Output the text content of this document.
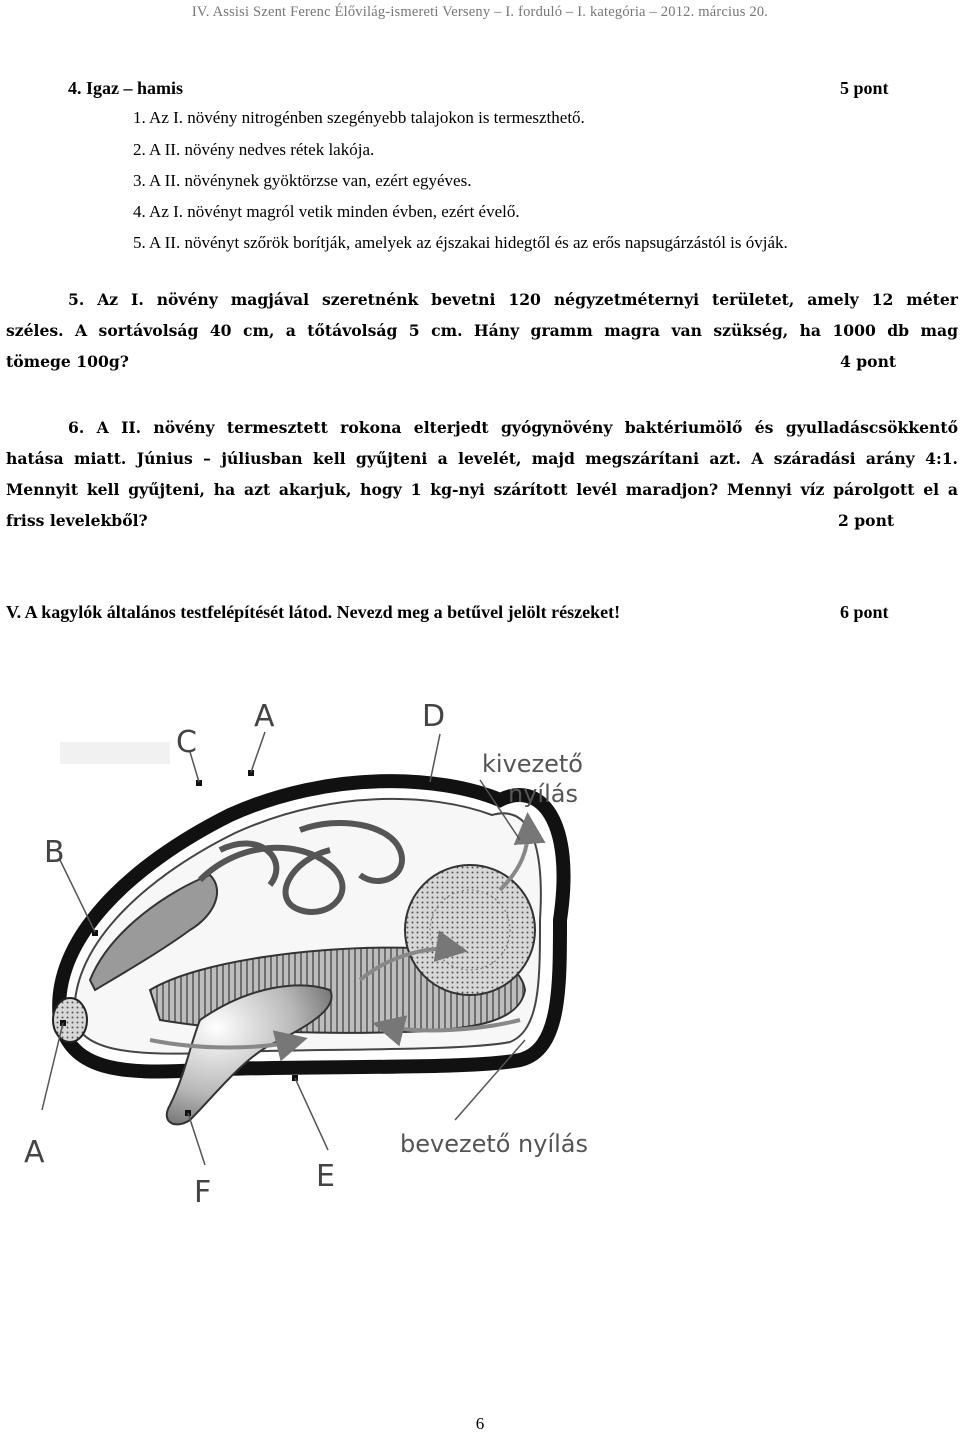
IV. Assisi Szent Ferenc Élővilág-ismereti Verseny – I. forduló – I. kategória – 2012. március 20.
4. Igaz – hamis	5 pont
1. Az I. növény nitrogénben szegényebb talajokon is termeszthető.
2. A II. növény nedves rétek lakója.
3. A II. növénynek gyöktörzse van, ezért egyéves.
4. Az I. növényt magról vetik minden évben, ezért évelő.
5. A II. növényt szőrök borítják, amelyek az éjszakai hidegtől és az erős napsugárzástól is óvják.
5. Az I. növény magjával szeretnénk bevetni 120 négyzetméternyi területet, amely 12 méter
széles. A sortávolság 40 cm, a tőtávolság 5 cm. Hány gramm magra van szükség, ha 1000 db mag
tömege 100g?	4 pont
6. A II. növény termesztett rokona elterjedt gyógynövény baktériumölő és gyulladáscsökkentő
hatása miatt. Június – júliusban kell gyűjteni a levelét, majd megszárítani azt. A száradási arány 4:1.
Mennyit kell gyűjteni, ha azt akarjuk, hogy 1 kg-nyi szárított levél maradjon? Mennyi víz párolgott el a
friss levelekből?	2 pont
V. A kagylók általános testfelépítését látod. Nevezd meg a betűvel jelölt részeket!	6 pont
A	D
C
B
A
F	E
kivezető
nyílás
bevezető nyílás
6
